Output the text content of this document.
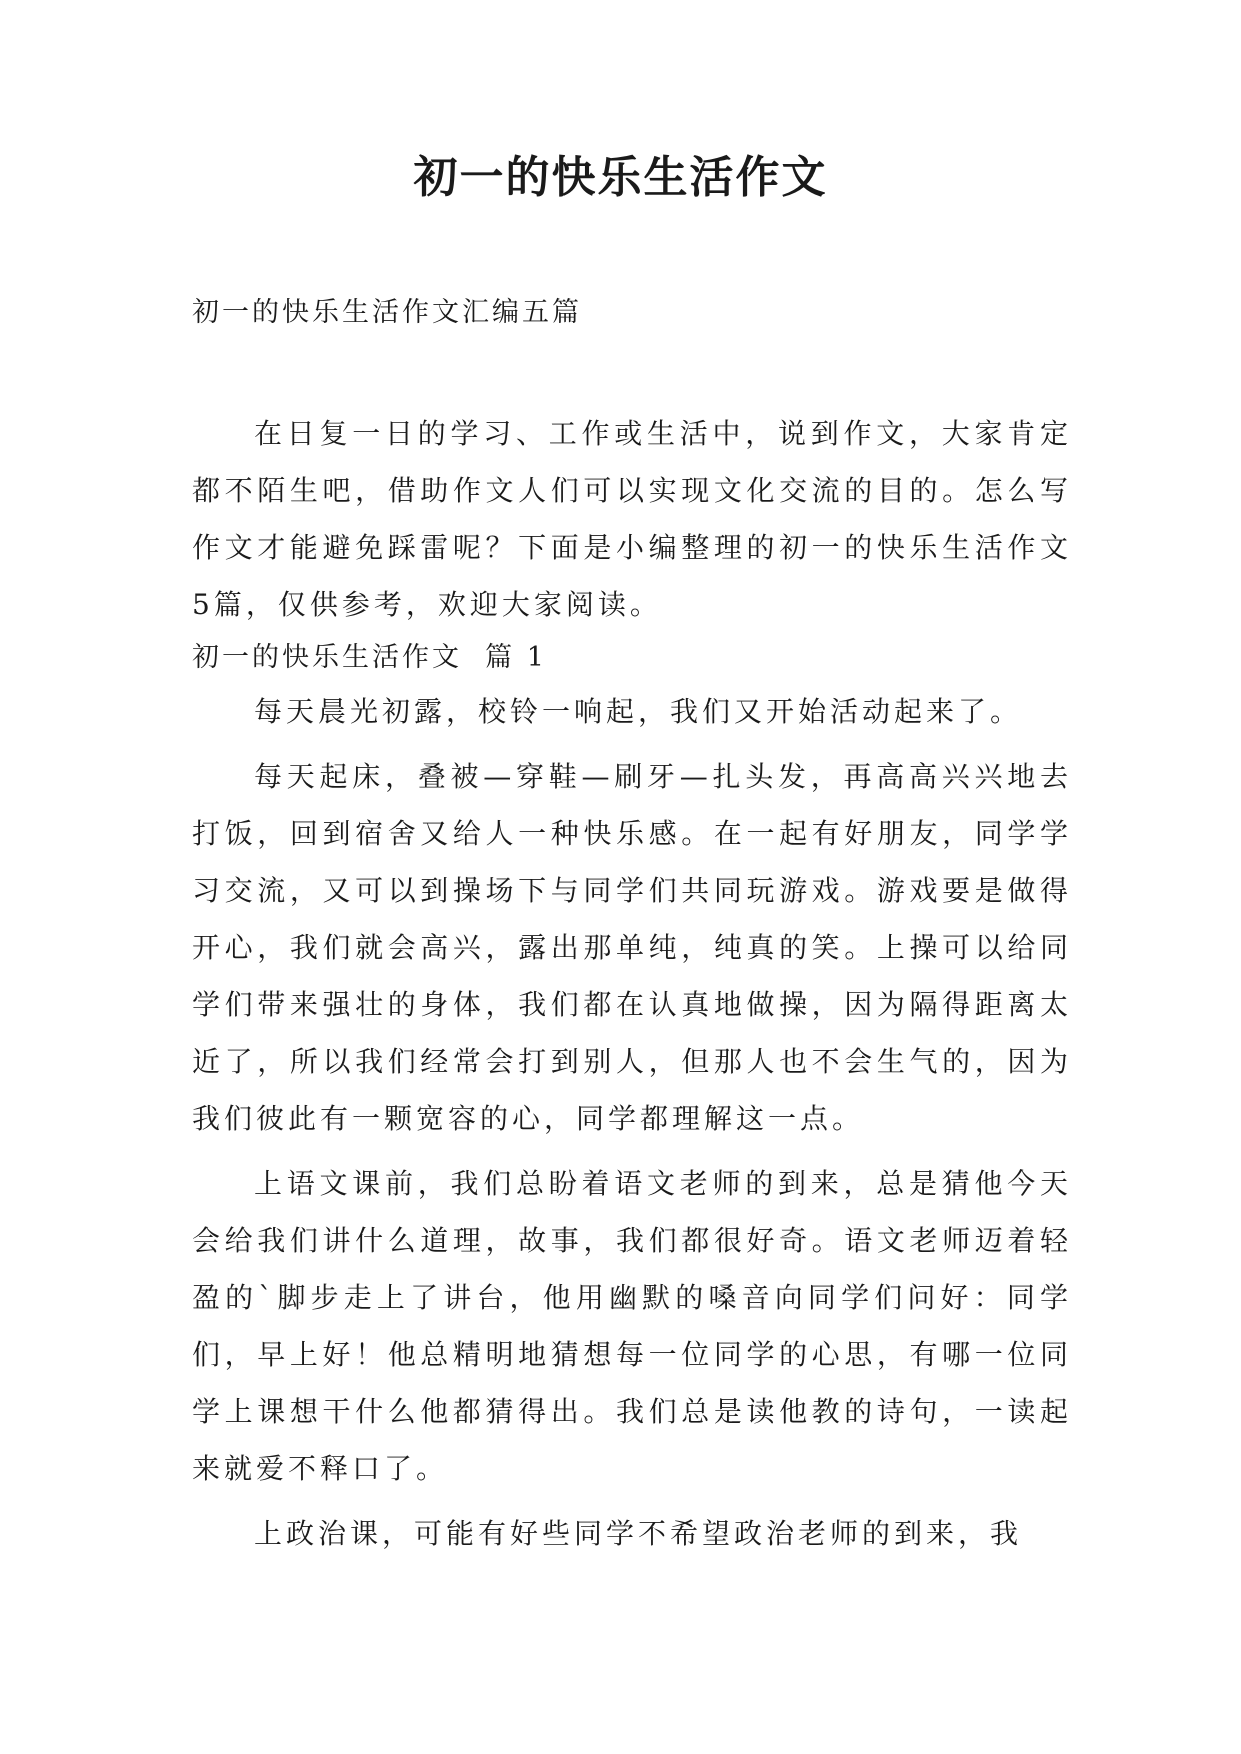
初一的快乐生活作文

初一的快乐生活作文汇编五篇

在日复一日的学习、工作或生活中，说到作文，大家肯定都不陌生吧，借助作文人们可以实现文化交流的目的。怎么写作文才能避免踩雷呢？下面是小编整理的初一的快乐生活作文5篇，仅供参考，欢迎大家阅读。

初一的快乐生活作文  篇 1

每天晨光初露，校铃一响起，我们又开始活动起来了。

每天起床，叠被—穿鞋—刷牙—扎头发，再高高兴兴地去打饭，回到宿舍又给人一种快乐感。在一起有好朋友，同学学习交流，又可以到操场下与同学们共同玩游戏。游戏要是做得开心，我们就会高兴，露出那单纯，纯真的笑。上操可以给同学们带来强壮的身体，我们都在认真地做操，因为隔得距离太近了，所以我们经常会打到别人，但那人也不会生气的，因为我们彼此有一颗宽容的心，同学都理解这一点。

上语文课前，我们总盼着语文老师的到来，总是猜他今天会给我们讲什么道理，故事，我们都很好奇。语文老师迈着轻盈的`脚步走上了讲台，他用幽默的嗓音向同学们问好：同学们，早上好！他总精明地猜想每一位同学的心思，有哪一位同学上课想干什么他都猜得出。我们总是读他教的诗句，一读起来就爱不释口了。

上政治课，可能有好些同学不希望政治老师的到来，我
